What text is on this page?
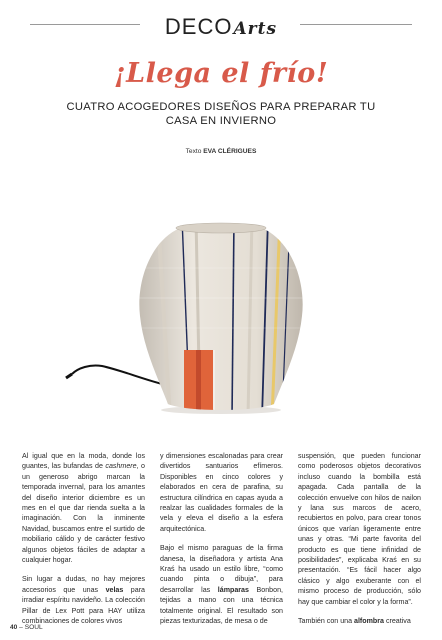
DECOArts
¡Llega el frío!
CUATRO ACOGEDORES DISEÑOS PARA PREPARAR TU CASA EN INVIERNO
Texto EVA CLÉRIGUES

Al igual que en la moda, donde los guantes, las bufandas de cashmere, o un generoso abrigo marcan la temporada invernal, para los amantes del diseño interior diciembre es un mes en el que dar rienda suelta a la imaginación. Con la inminente Navidad, buscamos entre el surtido de mobiliario cálido y de carácter festivo algunos objetos fáciles de adaptar a cualquier hogar.

Sin lugar a dudas, no hay mejores accesorios que unas velas para irradiar espíritu navideño. La colección Pillar de Lex Pott para HAY utiliza combinaciones de colores vivos

y dimensiones escalonadas para crear divertidos santuarios efímeros. Disponibles en cinco colores y elaborados en cera de parafina, su estructura cilíndrica en capas ayuda a realzar las cualidades formales de la vela y eleva el diseño a la esfera arquitectónica.

Bajo el mismo paraguas de la firma danesa, la diseñadora y artista Ana Kraś ha usado un estilo libre, “como cuando pinta o dibuja”, para desarrollar las lámparas Bonbon, tejidas a mano con una técnica totalmente original. El resultado son piezas texturizadas, de mesa o de

suspensión, que pueden funcionar como poderosos objetos decorativos incluso cuando la bombilla está apagada. Cada pantalla de la colección envuelve con hilos de nailon y lana sus marcos de acero, recubiertos en polvo, para crear tonos únicos que varían ligeramente entre unas y otras. “Mi parte favorita del producto es que tiene infinidad de posibilidades”, explicaba Kraś en su presentación. “Es fácil hacer algo clásico y algo exuberante con el mismo proceso de producción, sólo hay que cambiar el color y la forma”.

También con una alfombra creativa

40 – SOUL
